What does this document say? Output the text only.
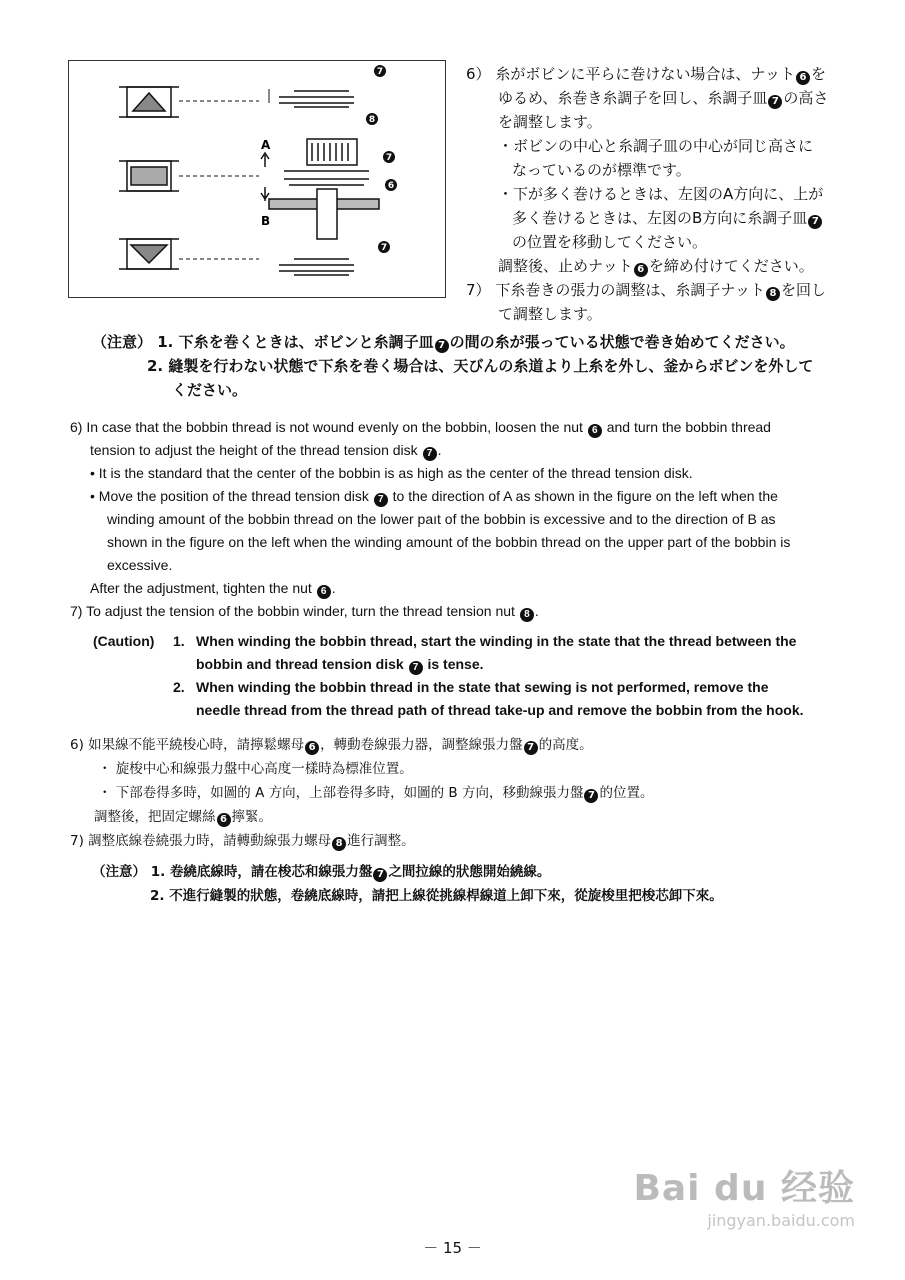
A
B
7
8
7
6
7
6） 糸がボビンに平らに巻けない場合は、ナット 6 を
ゆるめ、糸巻き糸調子を回し、糸調子皿 7 の高さ
を調整します。
・ボビンの中心と糸調子皿の中心が同じ高さに
なっているのが標準です。
・下が多く巻けるときは、左図のA方向に、上が
多く巻けるときは、左図のB方向に糸調子皿 7
の位置を移動してください。
調整後、止めナット 6 を締め付けてください。
7） 下糸巻きの張力の調整は、糸調子ナット 8 を回し
て調整します。
（注意） 1. 下糸を巻くときは、ボビンと糸調子皿 7 の間の糸が張っている状態で巻き始めてください。
2. 縫製を行わない状態で下糸を巻く場合は、天びんの糸道より上糸を外し、釜からボビンを外して
ください。
6) In case that the bobbin thread is not wound evenly on the bobbin, loosen the nut 6 and turn the bobbin thread
tension to adjust the height of the thread tension disk 7 .
• It is the standard that the center of the bobbin is as high as the center of the thread tension disk.
• Move the position of the thread tension disk 7 to the direction of A as shown in the figure on the left when the
winding amount of the bobbin thread on the lower paıt of the bobbin is excessive and to the direction of B as
shown in the figure on the left when the winding amount of the bobbin thread on the upper part of the bobbin is
excessive.
After the adjustment, tighten the nut 6 .
7) To adjust the tension of the bobbin winder, turn the thread tension nut 8 .
(Caution)	1. When winding the bobbin thread, start the winding in the state that the thread between the
bobbin and thread tension disk 7 is tense.
2. When winding the bobbin thread in the state that sewing is not performed, remove the
needle thread from the thread path of thread take-up and remove the bobbin from the hook.
6) 如果線不能平繞梭心時，請擰鬆螺母 6 ，轉動卷線張力器，調整線張力盤 7 的高度。
・ 旋梭中心和線張力盤中心高度一樣時為標准位置。
・ 下部卷得多時，如圖的 A 方向，上部卷得多時，如圖的 B 方向，移動線張力盤 7 的位置。
調整後，把固定螺絲 6 擰緊。
7) 調整底線卷繞張力時，請轉動線張力螺母 8 進行調整。
（注意） 1. 卷繞底線時，請在梭芯和線張力盤 7 之間拉線的狀態開始繞線。
2. 不進行縫製的狀態，卷繞底線時，請把上線從挑線桿線道上卸下來，從旋梭里把梭芯卸下來。
Bai du 经验
jingyan.baidu.com
－ 15 －
